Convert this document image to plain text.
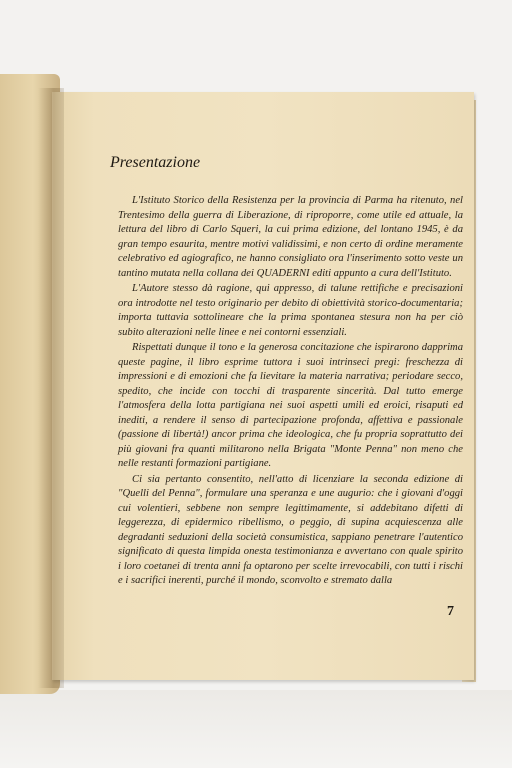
Presentazione

L'Istituto Storico della Resistenza per la provincia di Parma ha ritenuto, nel Trentesimo della guerra di Liberazione, di riproporre, come utile ed attuale, la lettura del libro di Carlo Squeri, la cui prima edizione, del lontano 1945, è da gran tempo esaurita, mentre motivi validissimi, e non certo di ordine meramente celebrativo ed agiografico, ne hanno consigliato ora l'inserimento sotto veste un tantino mutata nella collana dei QUADERNI editi appunto a cura dell'Istituto.

L'Autore stesso dà ragione, qui appresso, di talune rettifiche e precisazioni ora introdotte nel testo originario per debito di obiettività storico-documentaria; importa tuttavia sottolineare che la prima spontanea stesura non ha per ciò subito alterazioni nelle linee e nei contorni essenziali.

Rispettati dunque il tono e la generosa concitazione che ispirarono dapprima queste pagine, il libro esprime tuttora i suoi intrinseci pregi: freschezza di impressioni e di emozioni che fa lievitare la materia narrativa; periodare secco, spedito, che incide con tocchi di trasparente sincerità. Dal tutto emerge l'atmosfera della lotta partigiana nei suoi aspetti umili ed eroici, risaputi ed inediti, a rendere il senso di partecipazione profonda, affettiva e passionale (passione di libertà!) ancor prima che ideologica, che fu propria soprattutto dei più giovani fra quanti militarono nella Brigata "Monte Penna" non meno che nelle restanti formazioni partigiane.

Ci sia pertanto consentito, nell'atto di licenziare la seconda edizione di "Quelli del Penna", formulare una speranza e une augurio: che i giovani d'oggi cui volentieri, sebbene non sempre legittimamente, si addebitano difetti di leggerezza, di epidermico ribellismo, o peggio, di supina acquiescenza alle degradanti seduzioni della società consumistica, sappiano penetrare l'autentico significato di questa limpida onesta testimonianza e avvertano con quale spirito i loro coetanei di trenta anni fa optarono per scelte irrevocabili, con tutti i rischi e i sacrifici inerenti, purché il mondo, sconvolto e stremato dalla

7
